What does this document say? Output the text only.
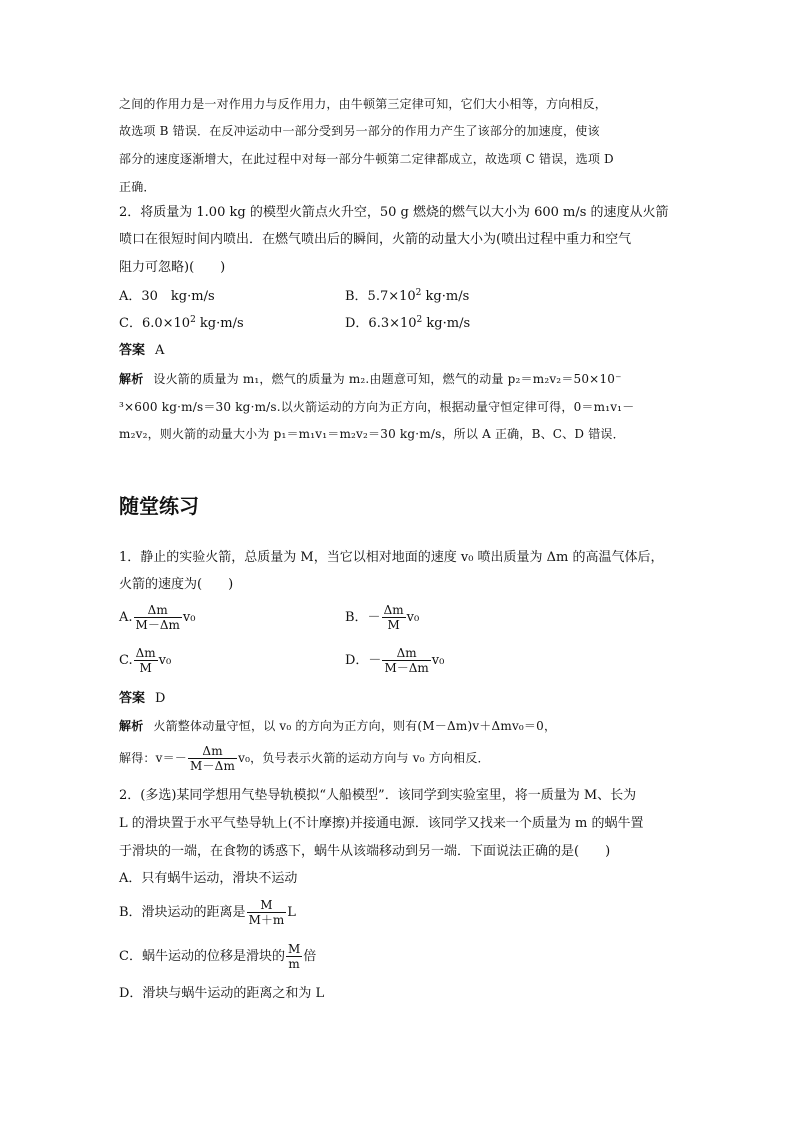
之间的作用力是一对作用力与反作用力，由牛顿第三定律可知，它们大小相等，方向相反，
故选项 B 错误．在反冲运动中一部分受到另一部分的作用力产生了该部分的加速度，使该
部分的速度逐渐增大，在此过程中对每一部分牛顿第二定律都成立，故选项 C 错误，选项 D
正确．
2．将质量为 1.00 kg 的模型火箭点火升空，50 g 燃烧的燃气以大小为 600 m/s 的速度从火箭
喷口在很短时间内喷出．在燃气喷出后的瞬间，火箭的动量大小为(喷出过程中重力和空气
阻力可忽略)(　　)
A．30　kg·m/s	B．$5.7\times 10^2$ kg·m/s
C．$6.0\times 10^2$ kg·m/s	D．$6.3\times 10^2$ kg·m/s
答案 A
解析 设火箭的质量为 m₁，燃气的质量为 m₂.由题意可知，燃气的动量 p₂＝m₂v₂＝50×10⁻
³×600 kg·m/s＝30 kg·m/s.以火箭运动的方向为正方向，根据动量守恒定律可得，0＝m₁v₁－
m₂v₂，则火箭的动量大小为 p₁＝m₁v₁＝m₂v₂＝30 kg·m/s，所以 A 正确，B、C、D 错误．
随堂练习
1．静止的实验火箭，总质量为 M，当它以相对地面的速度 v₀ 喷出质量为 Δm 的高温气体后，
火箭的速度为(　　)
A. $\frac{\Delta m}{M-\Delta m} v_0$	B．－ $\frac{\Delta m}{M} v_0$
C. $\frac{\Delta m}{M} v_0$	D．－ $\frac{\Delta m}{M-\Delta m} v_0$
答案 D
解析 火箭整体动量守恒，以 v₀ 的方向为正方向，则有(M－Δm)v＋Δmv₀＝0，
解得：$v=- \frac{\Delta m}{M-\Delta m} v_0$，负号表示火箭的运动方向与 v₀ 方向相反．
2．(多选)某同学想用气垫导轨模拟“人船模型”．该同学到实验室里，将一质量为 M、长为
L 的滑块置于水平气垫导轨上(不计摩擦)并接通电源．该同学又找来一个质量为 m 的蜗牛置
于滑块的一端，在食物的诱惑下，蜗牛从该端移动到另一端．下面说法正确的是(　　)
A．只有蜗牛运动，滑块不运动
B．滑块运动的距离是 $\frac{M}{M+m}$ L
C．蜗牛运动的位移是滑块的 $\frac{M}{m}$ 倍
D．滑块与蜗牛运动的距离之和为 L
